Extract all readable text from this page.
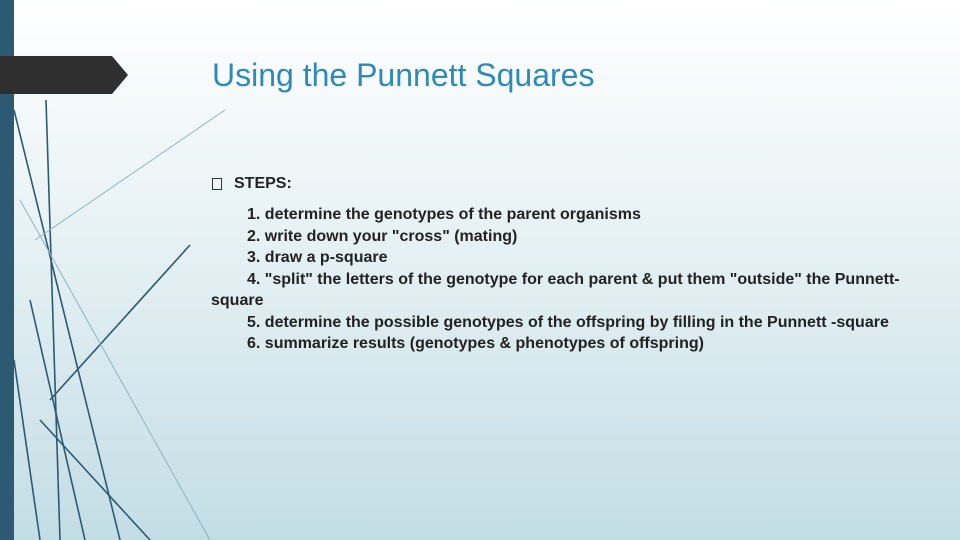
Using the Punnett Squares
STEPS:

1. determine the genotypes of the parent organisms

2. write down your "cross" (mating)

3. draw a p-square

4. "split" the letters of the genotype for each parent & put them "outside" the Punnett-square

5. determine the possible genotypes of the offspring by filling in the Punnett -square

6. summarize results (genotypes & phenotypes of offspring)
